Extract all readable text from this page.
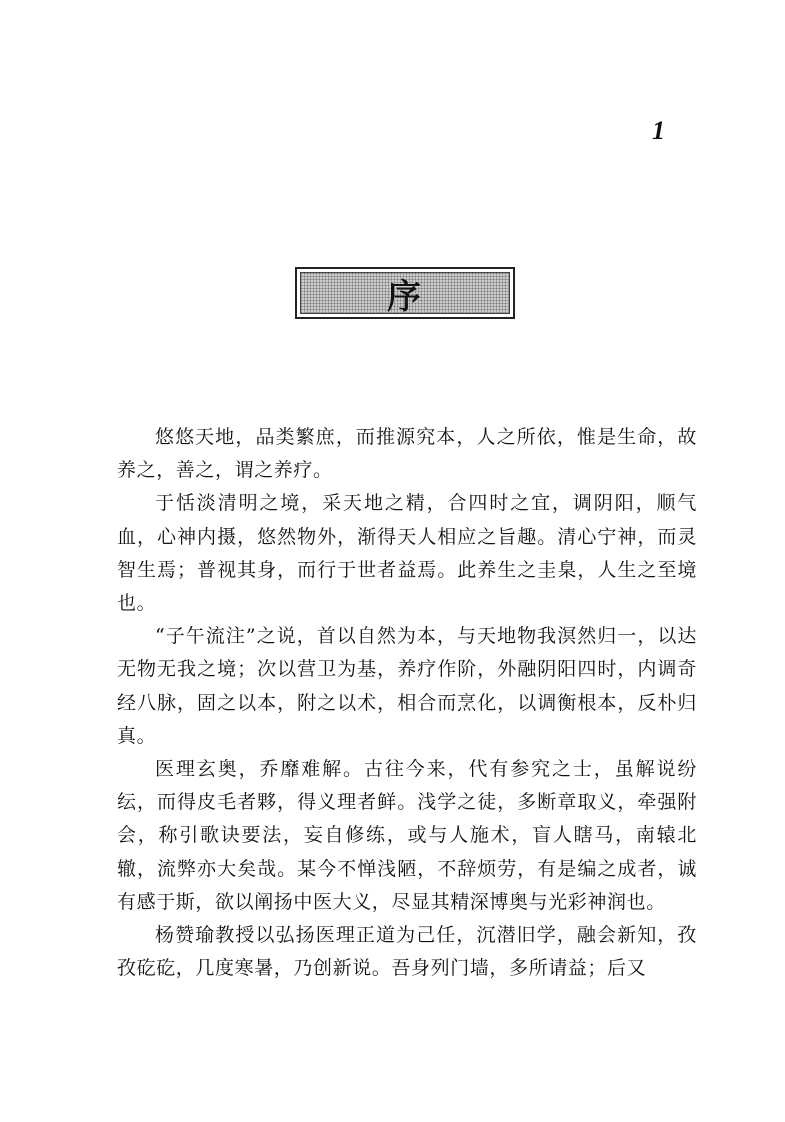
1
序

悠悠天地，品类繁庶，而推源究本，人之所依，惟是生命，故养之，善之，谓之养疗。

于恬淡清明之境，采天地之精，合四时之宜，调阴阳，顺气血，心神内摄，悠然物外，渐得天人相应之旨趣。清心宁神，而灵智生焉；普视其身，而行于世者益焉。此养生之圭臬，人生之至境也。

“子午流注”之说，首以自然为本，与天地物我溟然归一，以达无物无我之境；次以营卫为基，养疗作阶，外融阴阳四时，内调奇经八脉，固之以本，附之以术，相合而烹化，以调衡根本，反朴归真。

医理玄奥，乔靡难解。古往今来，代有参究之士，虽解说纷纭，而得皮毛者夥，得义理者鲜。浅学之徒，多断章取义，牵强附会，称引歌诀要法，妄自修练，或与人施术，盲人瞎马，南辕北辙，流弊亦大矣哉。某今不惮浅陋，不辞烦劳，有是编之成者，诚有感于斯，欲以阐扬中医大义，尽显其精深博奥与光彩神润也。

杨赞瑜教授以弘扬医理正道为己任，沉潜旧学，融会新知，孜孜矻矻，几度寒暑，乃创新说。吾身列门墙，多所请益；后又
